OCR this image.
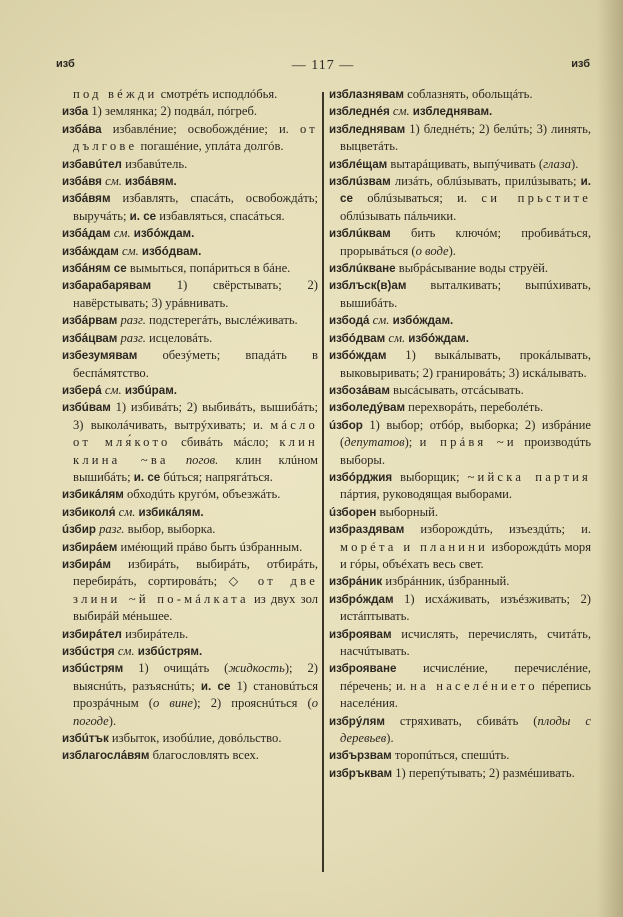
изб	— 117 —	изб

под вéжди смотрéть исподлóбья.

изба 1) землянка; 2) подвáл, пóгреб.

избáва избавлéние; освобождéние; и. от дълговe погашéние, уплáта долгóв.

избавúтел избавúтель.

избáвя см. избáвям.

избáвям избавлять, спасáть, освобождáть; выручáть; и. се избавляться, спасáться.

избáдам см. избóждам.

избáждам см. избóдвам.

избáням се вымыться, попáриться в бáне.

избарабарявам 1) свёрстывать; 2) навёрстывать; 3) урáвнивать.

избáрвам разг. подстерегáть, выслéживать.

избáцвам разг. исцеловáть.

избезумявам обезýметь; впадáть в беспáмятство.

изберá см. избúрам.

избúвам 1) избивáть; 2) выбивáть, вышибáть; 3) выколáчивать, вытрýхивать; и. мáсло от мля́кото сбивáть мáсло; клин клина ~ва погов. клин клúном вышибáть; и. се бúться; напрягáться.

избикáлям обходúть кругóм, объезжáть.

избиколя́ см. избикáлям.

úзбир разг. выбор, выборка.

избирáем имéющий прáво быть úзбранным.

избирáм избирáть, выбирáть, отбирáть, перебирáть, сортировáть; ◇ от две злини ~й по-мáлката из двух зол выбирáй мéньшее.

избирáтел избирáтель.

избúстря см. избúстрям.

избúстрям 1) очищáть (жидкость); 2) выяснúть, разъяснúть; и. се 1) становúться прозрáчным (о вине); 2) прояснúться (о погоде).

избúтък избыток, изобúлие, довóльство.

изблагослáвям благословлять всех.

изблазнявам соблазнять, обольщáть.

избледнéя см. избледнявам.

избледнявам 1) бледнéть; 2) белúть; 3) линять, выцветáть.

изблéщам вытарáщивать, выпýчивать (глаза).

изблúзвам лизáть, облúзывать, прилúзывать; и. се облúзываться; и. си прьстите облúзывать пáльчики.

изблúквам бить ключóм; пробивáться, прорывáться (о воде).

изблúкване выбрáсывание воды струёй.

изблъск(в)ам выталкивать; выпúхивать, вышибáть.

избодá см. избóждам.

избóдвам см. избóждам.

избóждам 1) выкáлывать, прокáлывать, выковыривать; 2) гранировáть; 3) искáлывать.

избозáвам высáсывать, отсáсывать.

изболедýвам перехворáть, переболéть.

úзбор 1) выбор; отбóр, выборка; 2) избрáние (депутатов); и прáвя ~и производúть выборы.

избóрджия выборщик; ~ийска партия пáртия, руководящая выборами.

úзборен выборный.

избраздявам изборождúть, изъездúть; и. морéта и планини изборождúть моря и гóры, объéхать весь свет.

избрáник избрáнник, úзбранный.

избрóждам 1) исхáживать, изъéзживать; 2) истáптывать.

изброявам исчислять, перечислять, считáть, насчúтывать.

изброяване исчислéние, перечислéние, пéречень; и. на населéнието пéрепись населéния.

избрýлям стряхивать, сбивáть (плоды с деревьев).

избързвам торопúться, спешúть.

избръквам 1) перепýтывать; 2) размéшивать.
